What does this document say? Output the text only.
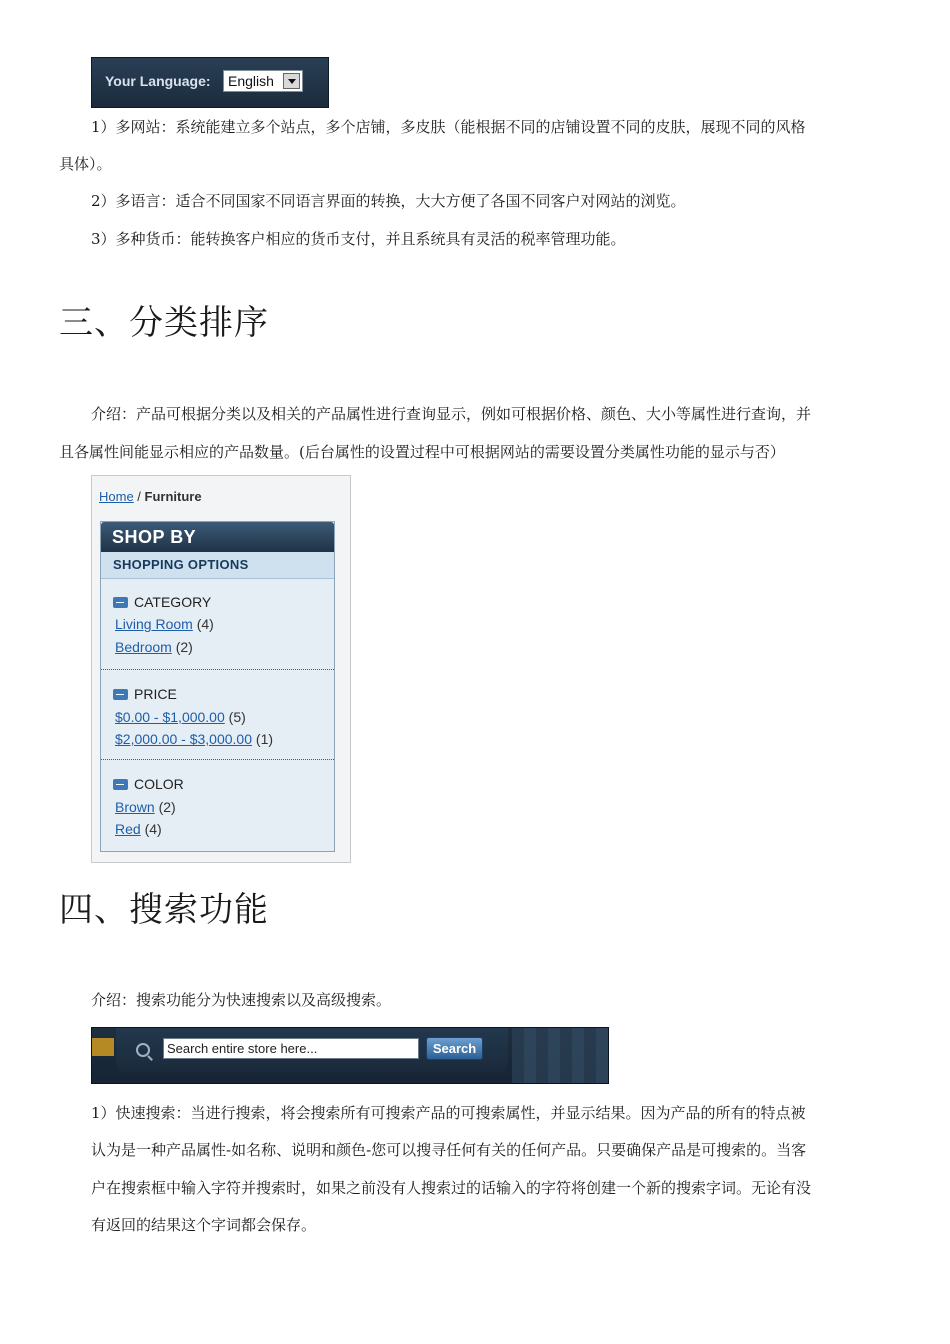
Your Language: English
1）多网站：系统能建立多个站点，多个店铺，多皮肤（能根据不同的店铺设置不同的皮肤，展现不同的风格
具体）。
2）多语言：适合不同国家不同语言界面的转换，大大方便了各国不同客户对网站的浏览。
3）多种货币：能转换客户相应的货币支付，并且系统具有灵活的税率管理功能。
三、分类排序
介绍：产品可根据分类以及相关的产品属性进行查询显示，例如可根据价格、颜色、大小等属性进行查询，并
且各属性间能显示相应的产品数量。(后台属性的设置过程中可根据网站的需要设置分类属性功能的显示与否）
Home / Furniture
SHOP BY
SHOPPING OPTIONS
CATEGORY
Living Room (4)
Bedroom (2)
PRICE
$0.00 - $1,000.00 (5)
$2,000.00 - $3,000.00 (1)
COLOR
Brown (2)
Red (4)
四、搜索功能
介绍：搜索功能分为快速搜索以及高级搜索。
Search entire store here...
Search
1）快速搜索：当进行搜索，将会搜索所有可搜索产品的可搜索属性，并显示结果。因为产品的所有的特点被
认为是一种产品属性-如名称、说明和颜色-您可以搜寻任何有关的任何产品。只要确保产品是可搜索的。当客
户在搜索框中输入字符并搜索时，如果之前没有人搜索过的话输入的字符将创建一个新的搜索字词。无论有没
有返回的结果这个字词都会保存。
